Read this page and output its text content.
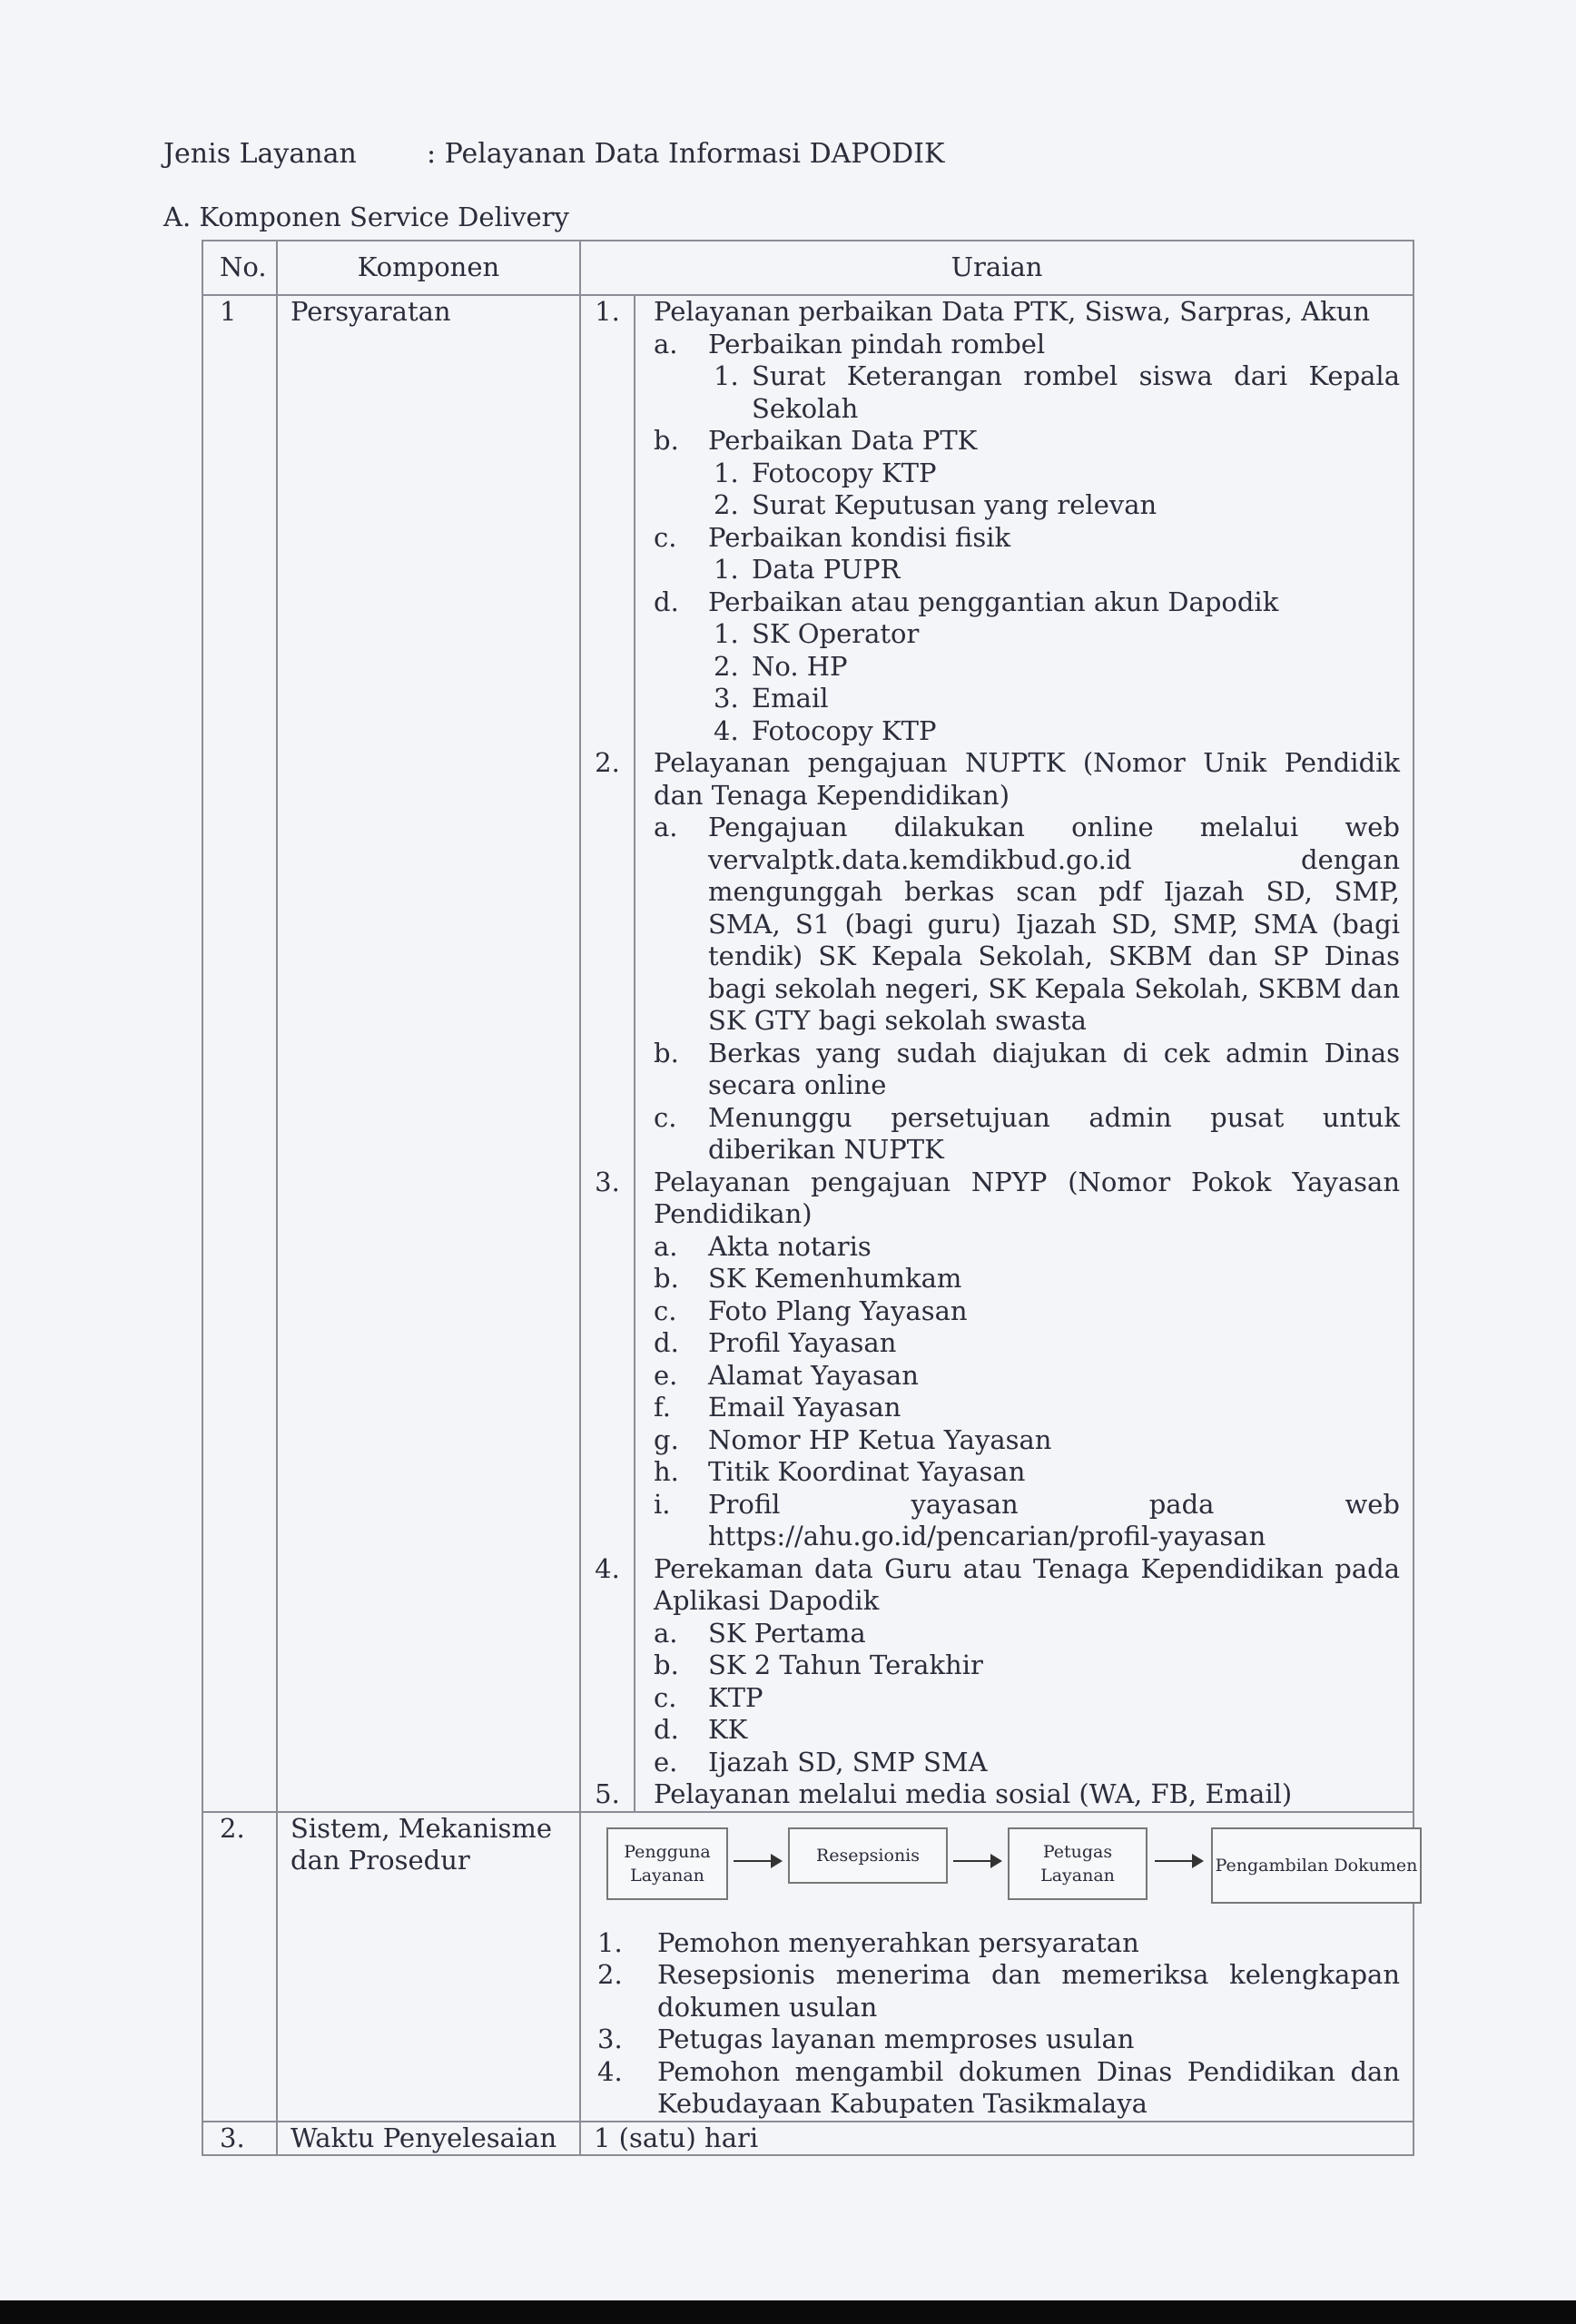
Jenis Layanan	: Pelayanan Data Informasi DAPODIK
A. Komponen Service Delivery
No.	Komponen	Uraian
1	Persyaratan		1.	Pelayanan perbaikan Data PTK, Siswa, Sarpras, Akun
a.	Perbaikan pindah rombel
1. Surat Keterangan rombel siswa dari Kepala Sekolah
b.	Perbaikan Data PTK
1. Fotocopy KTP
2. Surat Keputusan yang relevan
c.	Perbaikan kondisi fisik
1. Data PUPR
d.	Perbaikan atau penggantian akun Dapodik
1. SK Operator
2. No. HP
3. Email
4. Fotocopy KTP

2.	Pelayanan pengajuan NUPTK (Nomor Unik Pendidik dan Tenaga Kependidikan)
a.	Pengajuan dilakukan online melalui web vervalptk.data.kemdikbud.go.id dengan mengunggah berkas scan pdf Ijazah SD, SMP, SMA, S1 (bagi guru) Ijazah SD, SMP, SMA (bagi tendik) SK Kepala Sekolah, SKBM dan SP Dinas bagi sekolah negeri, SK Kepala Sekolah, SKBM dan SK GTY bagi sekolah swasta
b.	Berkas yang sudah diajukan di cek admin Dinas secara online
c.	Menunggu persetujuan admin pusat untuk diberikan NUPTK

3.	Pelayanan pengajuan NPYP (Nomor Pokok Yayasan Pendidikan)
a.	Akta notaris
b.	SK Kemenhumkam
c.	Foto Plang Yayasan
d.	Profil Yayasan
e.	Alamat Yayasan
f.	Email Yayasan
g.	Nomor HP Ketua Yayasan
h.	Titik Koordinat Yayasan
i.	Profil yayasan pada web https://ahu.go.id/pencarian/profil-yayasan

4.	Perekaman data Guru atau Tenaga Kependidikan pada Aplikasi Dapodik
a.	SK Pertama
b.	SK 2 Tahun Terakhir
c.	KTP
d.	KK
e.	Ijazah SD, SMP SMA

5.	Pelayanan melalui media sosial (WA, FB, Email)

2.	Sistem, Mekanisme dan Prosedur	Pengguna Layanan
Resepsionis	Petugas Layanan	Pengambilan Dokumen
1.	Pemohon menyerahkan persyaratan
2.	Resepsionis menerima dan memeriksa kelengkapan dokumen usulan
3.	Petugas layanan memproses usulan
4.	Pemohon mengambil dokumen Dinas Pendidikan dan Kebudayaan Kabupaten Tasikmalaya

3.	Waktu Penyelesaian	1 (satu) hari
